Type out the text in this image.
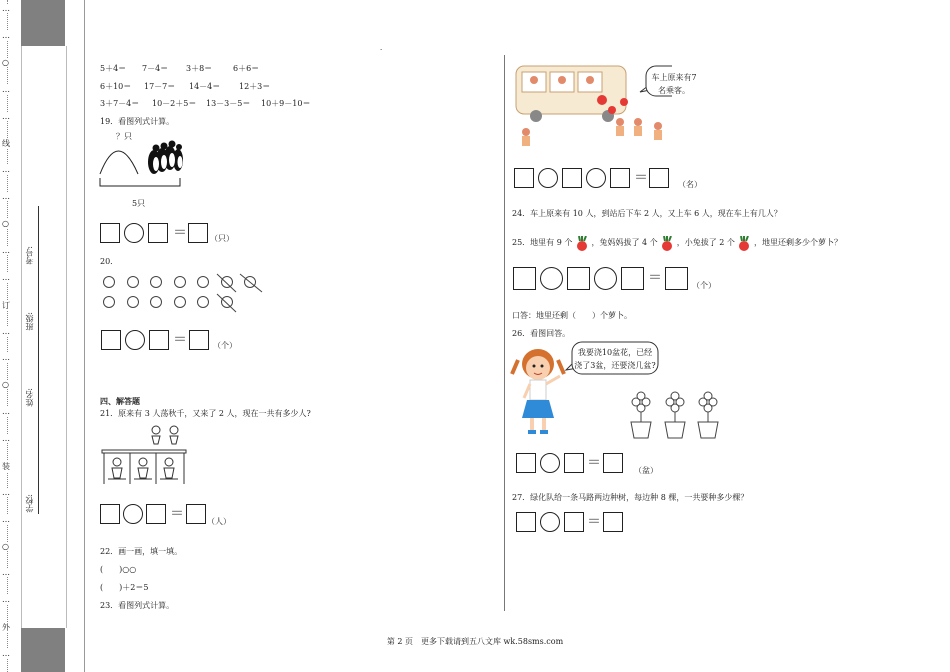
…
…
○
…
…
线
…
…
○
…
…
订
…
…
○
…
…
装
…
…
○
…
…
外
…
学校:
姓名:
班级:
考号:
·
5＋4＝ 7－4＝ 3＋8＝	6＋6＝
6＋10＝ 17－7＝ 14－4＝ 12＋3＝
3＋7－4＝ 10－2＋5＝ 13－3－5＝ 10＋9－10＝
19．看图列式计算。
？只
5只
＝	（只）
20．
＝	（个）
四、解答题
21．原来有 3 人荡秋千，又来了 2 人，现在一共有多少人?
＝	（人）
22．画一画，填一填。
(　　)○○
(　　)＋2＝5
23．看图列式计算。
车上原来有7名乘客。
＝	（名）
24．车上原来有 10 人，到站后下车 2 人，又上车 6 人，现在车上有几人？
25．地里有 9 个 ，兔妈妈拔了 4 个 ，小兔拔了 2 个 ，地里还剩多少个萝卜？
＝	（个）
口答：地里还剩（　　）个萝卜。
26．看图回答。
我要浇10盆花，已经浇了3盆，还要浇几盆?
＝	（盆）
27．绿化队给一条马路两边种树，每边种 8 棵，一共要种多少棵？
＝
第 2 页　更多下载请到五八文库 wk.58sms.com
